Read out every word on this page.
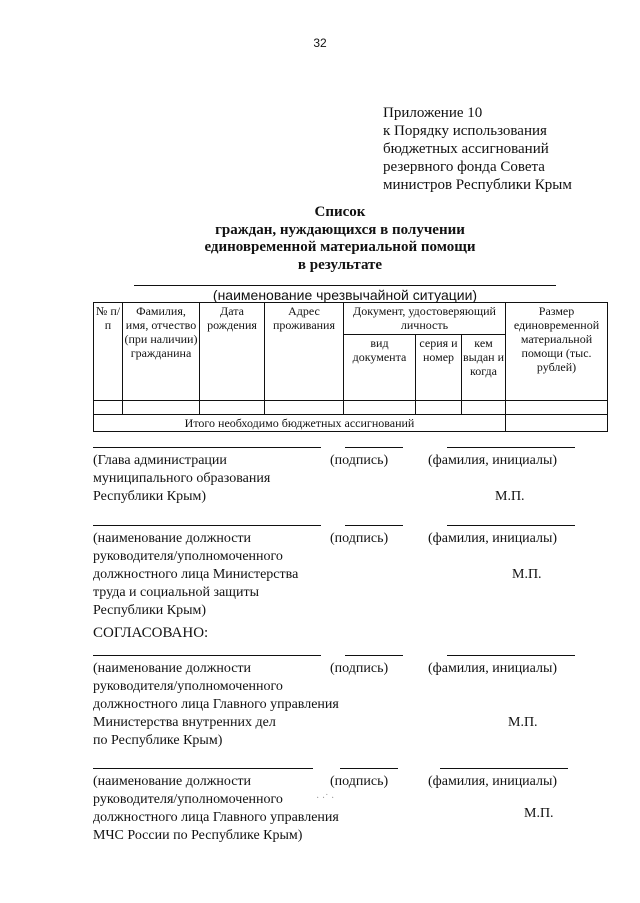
32
Приложение 10
к Порядку использования
бюджетных ассигнований
резервного фонда Совета
министров Республики Крым
Список
граждан, нуждающихся в получении
единовременной материальной помощи
в результате
(наименование чрезвычайной ситуации)
№ п/п	Фамилия, имя, отчество (при наличии) гражданина	Дата рождения	Адрес проживания	Документ, удостоверяющий личность			Размер единовременной материальной помощи (тыс. рублей)
				вид документа	серия и номер	кем выдан и когда	

Итого необходимо бюджетных ассигнований							
(Глава администрации
муниципального образования
Республики Крым)
(подпись)	(фамилия, инициалы)
М.П.
(наименование должности
руководителя/уполномоченного
должностного лица Министерства
труда и социальной защиты
Республики Крым)
(подпись)	(фамилия, инициалы)
М.П.
СОГЛАСОВАНО:
(наименование должности
руководителя/уполномоченного
должностного лица Главного управления
Министерства внутренних дел
по Республике Крым)
(подпись)	(фамилия, инициалы)
М.П.
(наименование должности
руководителя/уполномоченного
должностного лица Главного управления
МЧС России по Республике Крым)
(подпись)	(фамилия, инициалы)
М.П.
· ·˙ ·
